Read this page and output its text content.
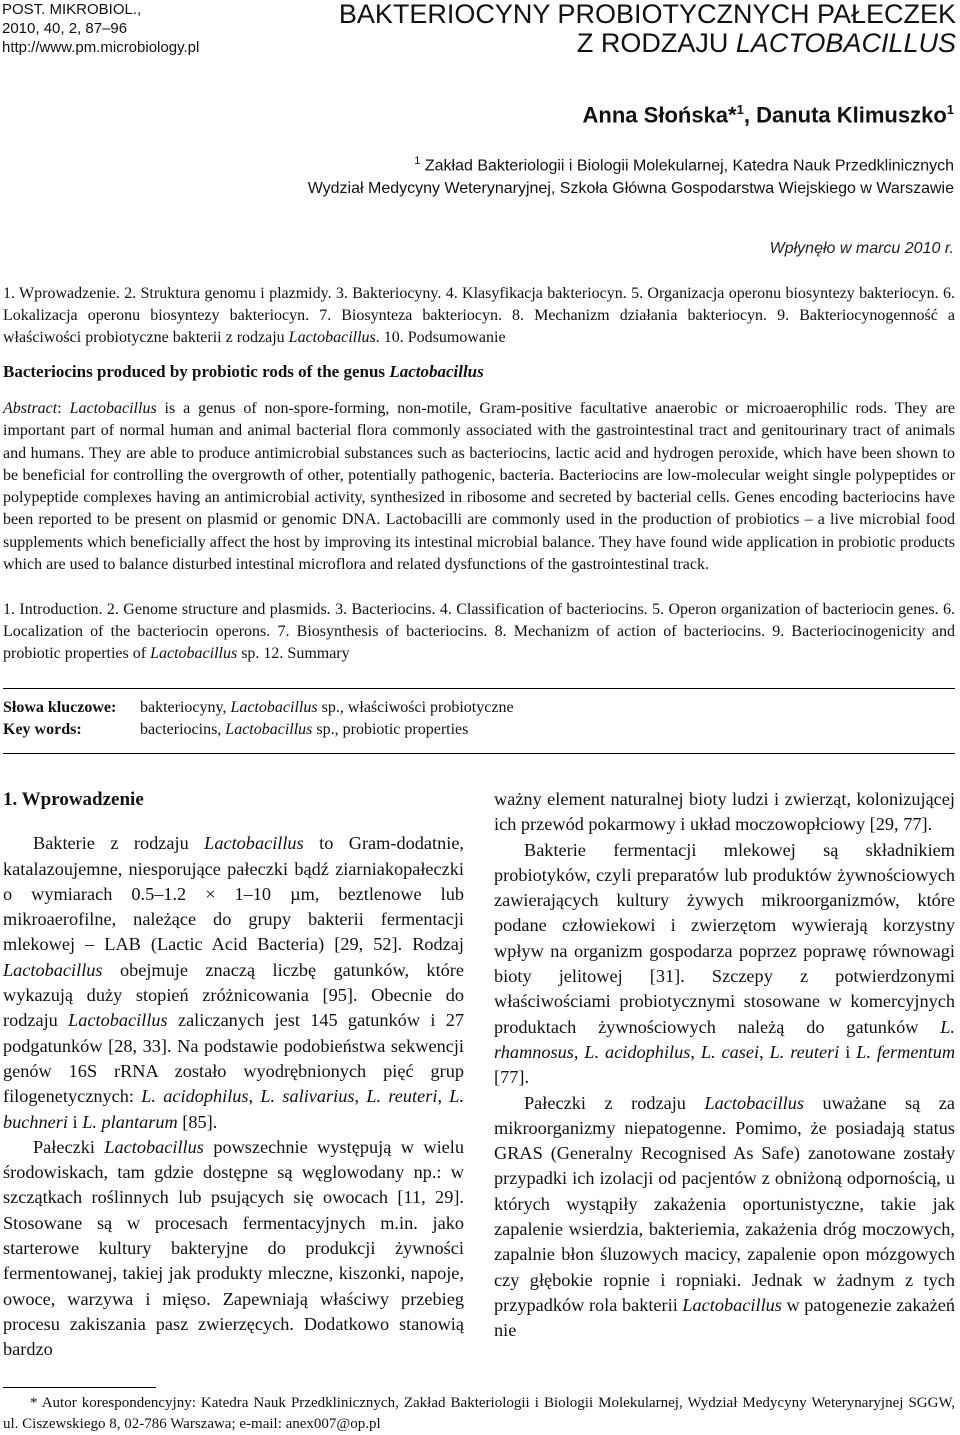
POST. MIKROBIOL.,
2010, 40, 2, 87–96
http://www.pm.microbiology.pl
BAKTERIOCYNY PROBIOTYCZNYCH PAŁECZEK
Z RODZAJU LACTOBACILLUS
Anna Słońska*$^1$, Danuta Klimuszko$^1$
$^1$ Zakład Bakteriologii i Biologii Molekularnej, Katedra Nauk Przedklinicznych
Wydział Medycyny Weterynaryjnej, Szkoła Główna Gospodarstwa Wiejskiego w Warszawie
Wpłynęło w marcu 2010 r.
1. Wprowadzenie. 2. Struktura genomu i plazmidy. 3. Bakteriocyny. 4. Klasyfikacja bakteriocyn. 5. Organizacja operonu biosyntezy bakteriocyn. 6. Lokalizacja operonu biosyntezy bakteriocyn. 7. Biosynteza bakteriocyn. 8. Mechanizm działania bakteriocyn. 9. Bakteriocynogenność a właściwości probiotyczne bakterii z rodzaju Lactobacillus. 10. Podsumowanie
Bacteriocins produced by probiotic rods of the genus Lactobacillus
Abstract: Lactobacillus is a genus of non-spore-forming, non-motile, Gram-positive facultative anaerobic or microaerophilic rods. They are important part of normal human and animal bacterial flora commonly associated with the gastrointestinal tract and genitourinary tract of animals and humans. They are able to produce antimicrobial substances such as bacteriocins, lactic acid and hydrogen peroxide, which have been shown to be beneficial for controlling the overgrowth of other, potentially pathogenic, bacteria. Bacteriocins are low-molecular weight single polypeptides or polypeptide complexes having an antimicrobial activity, synthesized in ribosome and secreted by bacterial cells. Genes encoding bacteriocins have been reported to be present on plasmid or genomic DNA. Lactobacilli are commonly used in the production of probiotics – a live microbial food supplements which beneficially affect the host by improving its intestinal microbial balance. They have found wide application in probiotic products which are used to balance disturbed intestinal microflora and related dysfunctions of the gastrointestinal track.
1. Introduction. 2. Genome structure and plasmids. 3. Bacteriocins. 4. Classification of bacteriocins. 5. Operon organization of bacteriocin genes. 6. Localization of the bacteriocin operons. 7. Biosynthesis of bacteriocins. 8. Mechanizm of action of bacteriocins. 9. Bacteriocinogenicity and probiotic properties of Lactobacillus sp. 12. Summary
Słowa kluczowe: bakteriocyny, Lactobacillus sp., właściwości probiotyczne
Key words:	bacteriocins, Lactobacillus sp., probiotic properties
1. Wprowadzenie

Bakterie z rodzaju Lactobacillus to Gram-dodatnie, katalazoujemne, niesporujące pałeczki bądź ziarniakopałeczki o wymiarach 0.5–1.2 × 1–10 µm, beztlenowe lub mikroaerofilne, należące do grupy bakterii fermentacji mlekowej – LAB (Lactic Acid Bacteria) [29, 52]. Rodzaj Lactobacillus obejmuje znaczą liczbę gatunków, które wykazują duży stopień zróżnicowania [95]. Obecnie do rodzaju Lactobacillus zaliczanych jest 145 gatunków i 27 podgatunków [28, 33]. Na podstawie podobieństwa sekwencji genów 16S rRNA zostało wyodrębnionych pięć grup filogenetycznych: L. acidophilus, L. salivarius, L. reuteri, L. buchneri i L. plantarum [85].

Pałeczki Lactobacillus powszechnie występują w wielu środowiskach, tam gdzie dostępne są węglowodany np.: w szczątkach roślinnych lub psujących się owocach [11, 29]. Stosowane są w procesach fermentacyjnych m.in. jako starterowe kultury bakteryjne do produkcji żywności fermentowanej, takiej jak produkty mleczne, kiszonki, napoje, owoce, warzywa i mięso. Zapewniają właściwy przebieg procesu zakiszania pasz zwierzęcych. Dodatkowo stanowią bardzo

ważny element naturalnej bioty ludzi i zwierząt, kolonizującej ich przewód pokarmowy i układ moczowopłciowy [29, 77].

Bakterie fermentacji mlekowej są składnikiem probiotyków, czyli preparatów lub produktów żywnościowych zawierających kultury żywych mikroorganizmów, które podane człowiekowi i zwierzętom wywierają korzystny wpływ na organizm gospodarza poprzez poprawę równowagi bioty jelitowej [31]. Szczepy z potwierdzonymi właściwościami probiotycznymi stosowane w komercyjnych produktach żywnościowych należą do gatunków L. rhamnosus, L. acidophilus, L. casei, L. reuteri i L. fermentum [77].

Pałeczki z rodzaju Lactobacillus uważane są za mikroorganizmy niepatogenne. Pomimo, że posiadają status GRAS (Generalny Recognised As Safe) zanotowane zostały przypadki ich izolacji od pacjentów z obniżoną odpornością, u których wystąpiły zakażenia oportunistyczne, takie jak zapalenie wsierdzia, bakteriemia, zakażenia dróg moczowych, zapalnie błon śluzowych macicy, zapalenie opon mózgowych czy głębokie ropnie i ropniaki. Jednak w żadnym z tych przypadków rola bakterii Lactobacillus w patogenezie zakażeń nie

* Autor korespondencyjny: Katedra Nauk Przedklinicznych, Zakład Bakteriologii i Biologii Molekularnej, Wydział Medycyny Weterynaryjnej SGGW, ul. Ciszewskiego 8, 02-786 Warszawa; e-mail: anex007@op.pl
